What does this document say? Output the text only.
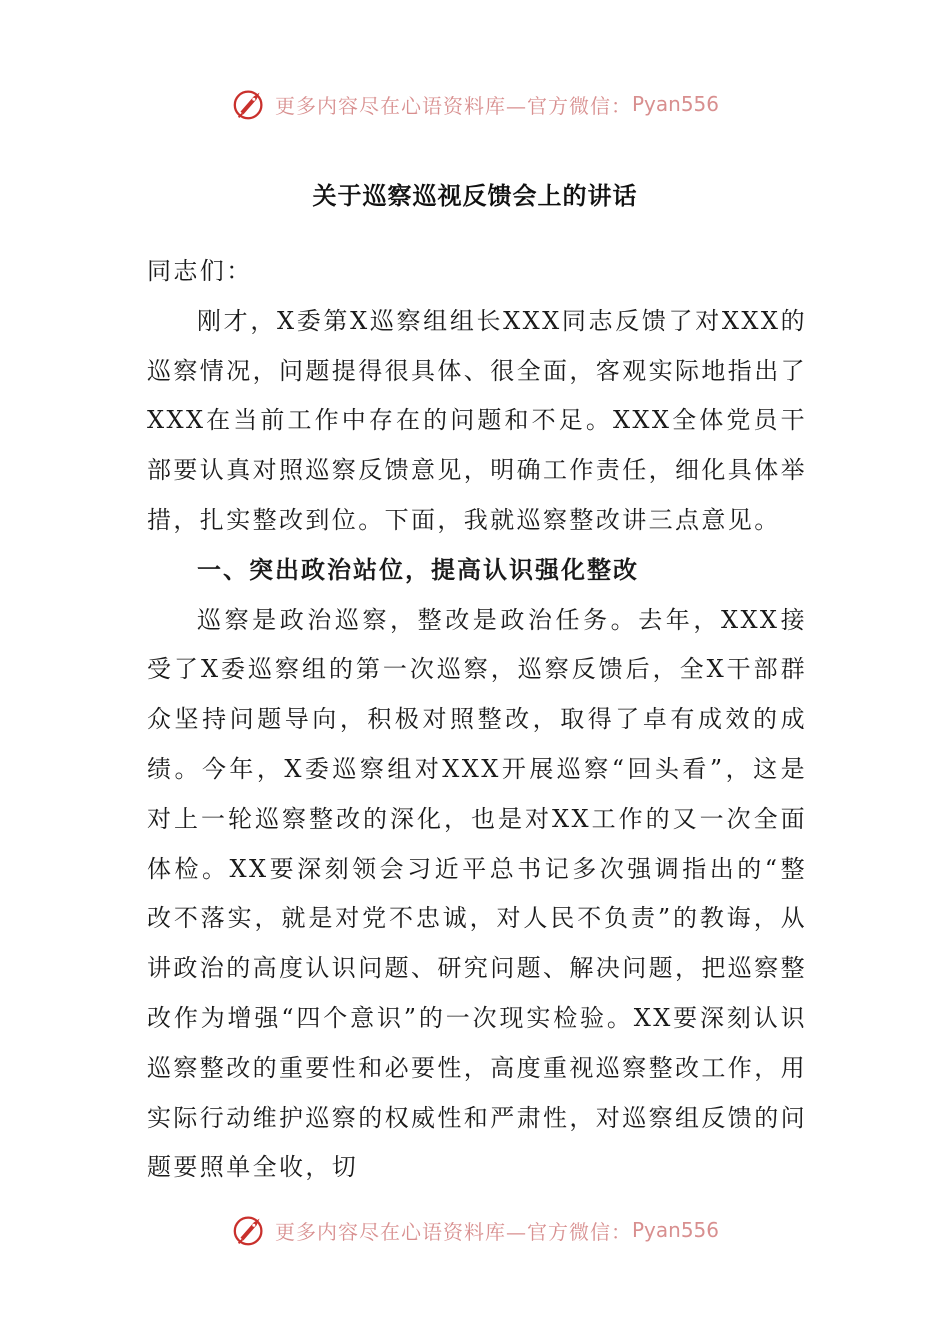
更多内容尽在心语资料库—官方微信： Pyan556
关于巡察巡视反馈会上的讲话

同志们：

刚才，X委第X巡察组组长XXX同志反馈了对XXX的巡察情况，问题提得很具体、很全面，客观实际地指出了XXX在当前工作中存在的问题和不足。XXX全体党员干部要认真对照巡察反馈意见，明确工作责任，细化具体举措，扎实整改到位。下面，我就巡察整改讲三点意见。

一、突出政治站位，提高认识强化整改

巡察是政治巡察，整改是政治任务。去年，XXX接受了X委巡察组的第一次巡察，巡察反馈后，全X干部群众坚持问题导向，积极对照整改，取得了卓有成效的成绩。今年，X委巡察组对XXX开展巡察“回头看”，这是对上一轮巡察整改的深化，也是对XX工作的又一次全面体检。XX要深刻领会习近平总书记多次强调指出的“整改不落实，就是对党不忠诚，对人民不负责”的教诲，从讲政治的高度认识问题、研究问题、解决问题，把巡察整改作为增强“四个意识”的一次现实检验。XX要深刻认识巡察整改的重要性和必要性，高度重视巡察整改工作，用实际行动维护巡察的权威性和严肃性，对巡察组反馈的问题要照单全收，切

更多内容尽在心语资料库—官方微信： Pyan556
